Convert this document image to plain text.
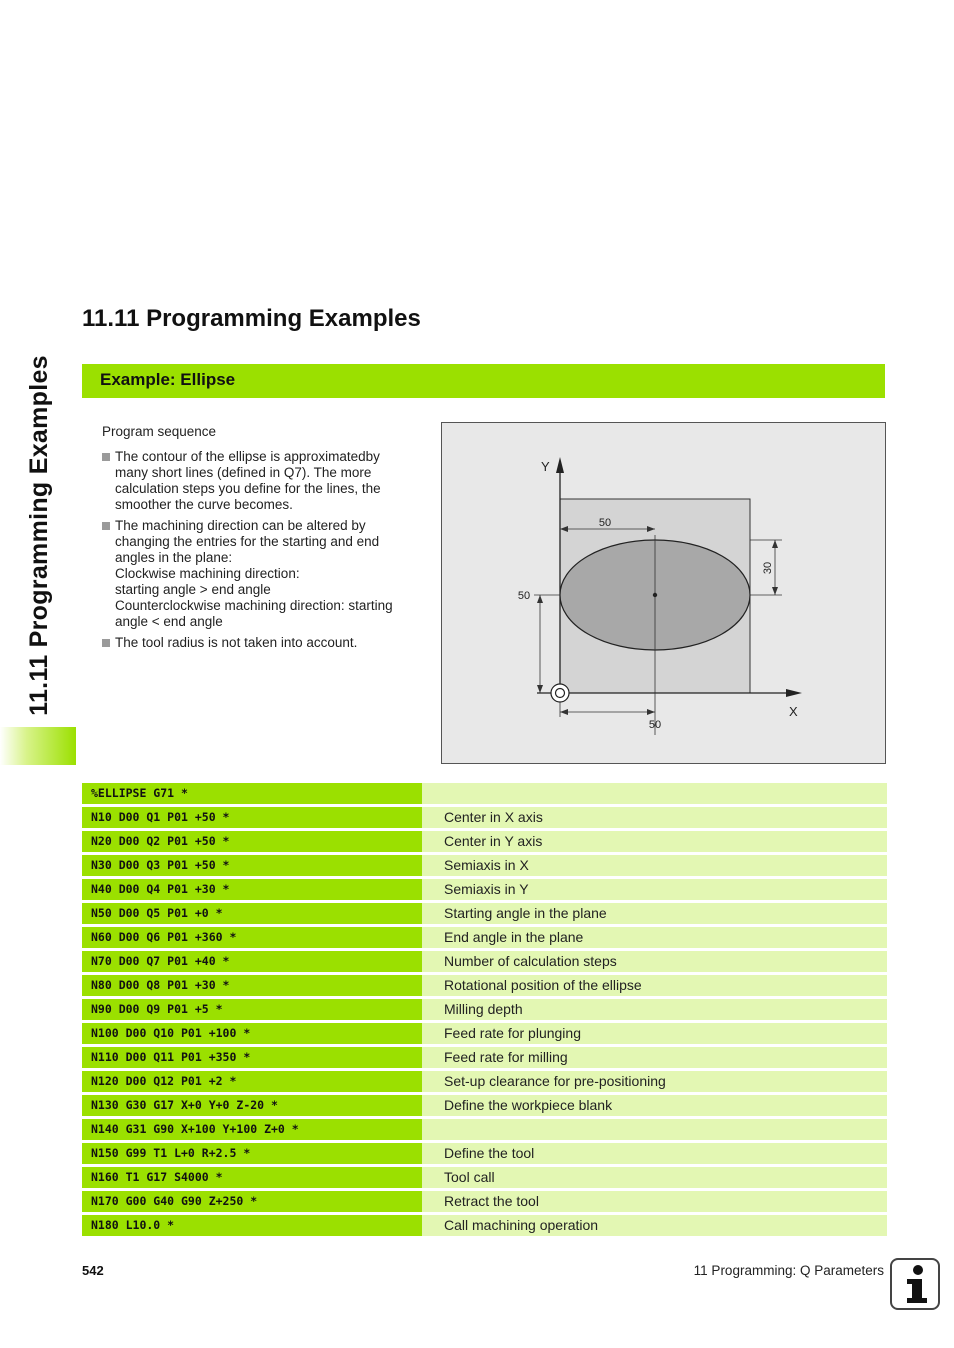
11.11 Programming Examples
11.11 Programming Examples
Example: Ellipse

Program sequence

The contour of the ellipse is approximatedby
many short lines (defined in Q7). The more
calculation steps you define for the lines, the
smoother the curve becomes.
The machining direction can be altered by
changing the entries for the starting and end
angles in the plane:
Clockwise machining direction:
starting angle > end angle
Counterclockwise machining direction: starting
angle < end angle
The tool radius is not taken into account.
Y
X
50
30
50
50
%ELLIPSE G71 *
N10 D00 Q1 P01 +50 *	Center in X axis
N20 D00 Q2 P01 +50 *	Center in Y axis
N30 D00 Q3 P01 +50 *	Semiaxis in X
N40 D00 Q4 P01 +30 *	Semiaxis in Y
N50 D00 Q5 P01 +0 *	Starting angle in the plane
N60 D00 Q6 P01 +360 *	End angle in the plane
N70 D00 Q7 P01 +40 *	Number of calculation steps
N80 D00 Q8 P01 +30 *	Rotational position of the ellipse
N90 D00 Q9 P01 +5 *	Milling depth
N100 D00 Q10 P01 +100 *	Feed rate for plunging
N110 D00 Q11 P01 +350 *	Feed rate for milling
N120 D00 Q12 P01 +2 *	Set-up clearance for pre-positioning
N130 G30 G17 X+0 Y+0 Z-20 *	Define the workpiece blank
N140 G31 G90 X+100 Y+100 Z+0 *
N150 G99 T1 L+0 R+2.5 *	Define the tool
N160 T1 G17 S4000 *	Tool call
N170 G00 G40 G90 Z+250 *	Retract the tool
N180 L10.0 *	Call machining operation
542	11 Programming: Q Parameters
